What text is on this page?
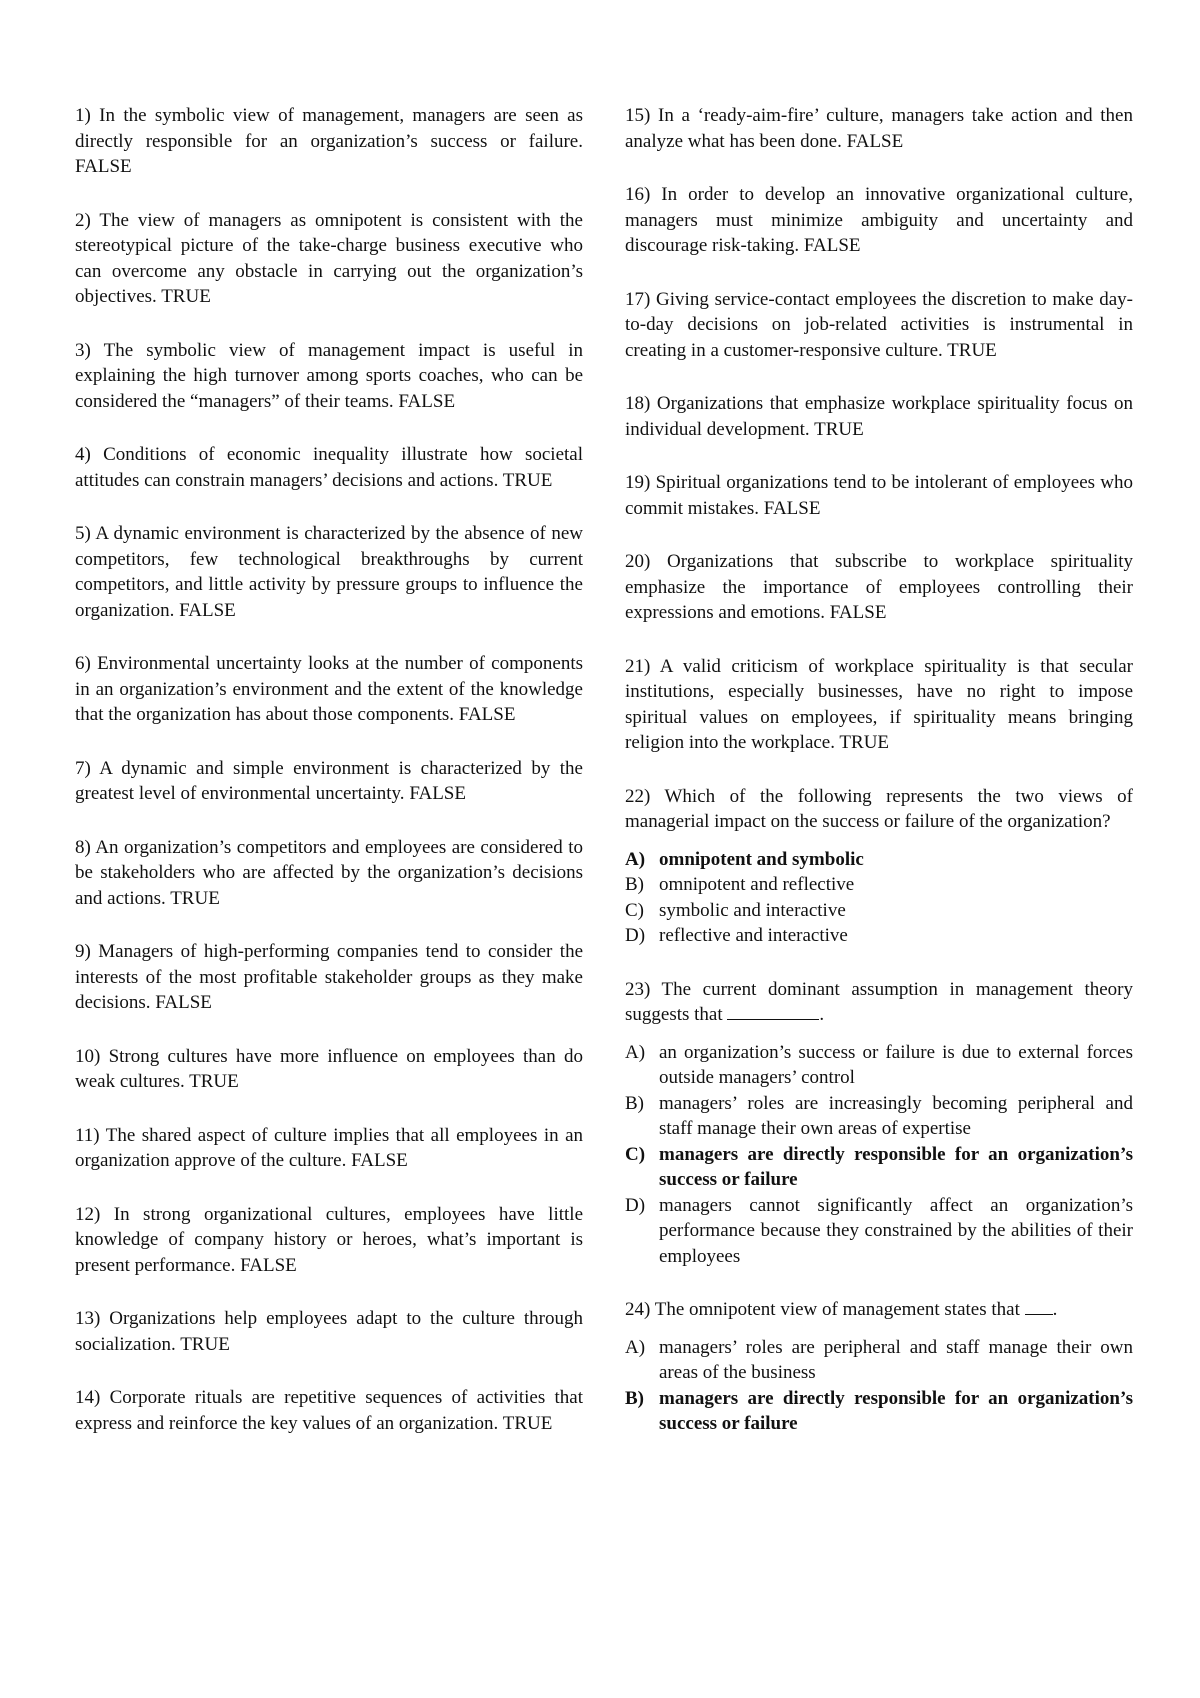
1) In the symbolic view of management, managers are seen as directly responsible for an organization’s success or failure. FALSE

2) The view of managers as omnipotent is consistent with the stereotypical picture of the take-charge business executive who can overcome any obstacle in carrying out the organization’s objectives. TRUE

3) The symbolic view of management impact is useful in explaining the high turnover among sports coaches, who can be considered the “managers” of their teams. FALSE

4) Conditions of economic inequality illustrate how societal attitudes can constrain managers’ decisions and actions. TRUE

5) A dynamic environment is characterized by the absence of new competitors, few technological breakthroughs by current competitors, and little activity by pressure groups to influence the organization. FALSE

6) Environmental uncertainty looks at the number of components in an organization’s environment and the extent of the knowledge that the organization has about those components. FALSE

7) A dynamic and simple environment is characterized by the greatest level of environmental uncertainty. FALSE

8) An organization’s competitors and employees are considered to be stakeholders who are affected by the organization’s decisions and actions. TRUE

9) Managers of high-performing companies tend to consider the interests of the most profitable stakeholder groups as they make decisions. FALSE

10) Strong cultures have more influence on employees than do weak cultures. TRUE

11) The shared aspect of culture implies that all employees in an organization approve of the culture. FALSE

12) In strong organizational cultures, employees have little knowledge of company history or heroes, what’s important is present performance. FALSE

13) Organizations help employees adapt to the culture through socialization. TRUE

14) Corporate rituals are repetitive sequences of activities that express and reinforce the key values of an organization. TRUE

15) In a ‘ready-aim-fire’ culture, managers take action and then analyze what has been done. FALSE

16) In order to develop an innovative organizational culture, managers must minimize ambiguity and uncertainty and discourage risk-taking. FALSE

17) Giving service-contact employees the discretion to make day-to-day decisions on job-related activities is instrumental in creating in a customer-responsive culture. TRUE

18) Organizations that emphasize workplace spirituality focus on individual development. TRUE

19) Spiritual organizations tend to be intolerant of employees who commit mistakes. FALSE

20) Organizations that subscribe to workplace spirituality emphasize the importance of employees controlling their expressions and emotions. FALSE

21) A valid criticism of workplace spirituality is that secular institutions, especially businesses, have no right to impose spiritual values on employees, if spirituality means bringing religion into the workplace. TRUE

22) Which of the following represents the two views of managerial impact on the success or failure of the organization?

A) omnipotent and symbolic
B) omnipotent and reflective
C) symbolic and interactive
D) reflective and interactive

23) The current dominant assumption in management theory suggests that	.

A) an organization’s success or failure is due to external forces outside managers’ control
B) managers’ roles are increasingly becoming peripheral and staff manage their own areas of expertise
C) managers are directly responsible for an organization’s success or failure
D) managers cannot significantly affect an organization’s performance because they constrained by the abilities of their employees

24) The omnipotent view of management states that .

A) managers’ roles are peripheral and staff manage their own areas of the business
B) managers are directly responsible for an organization’s success or failure
